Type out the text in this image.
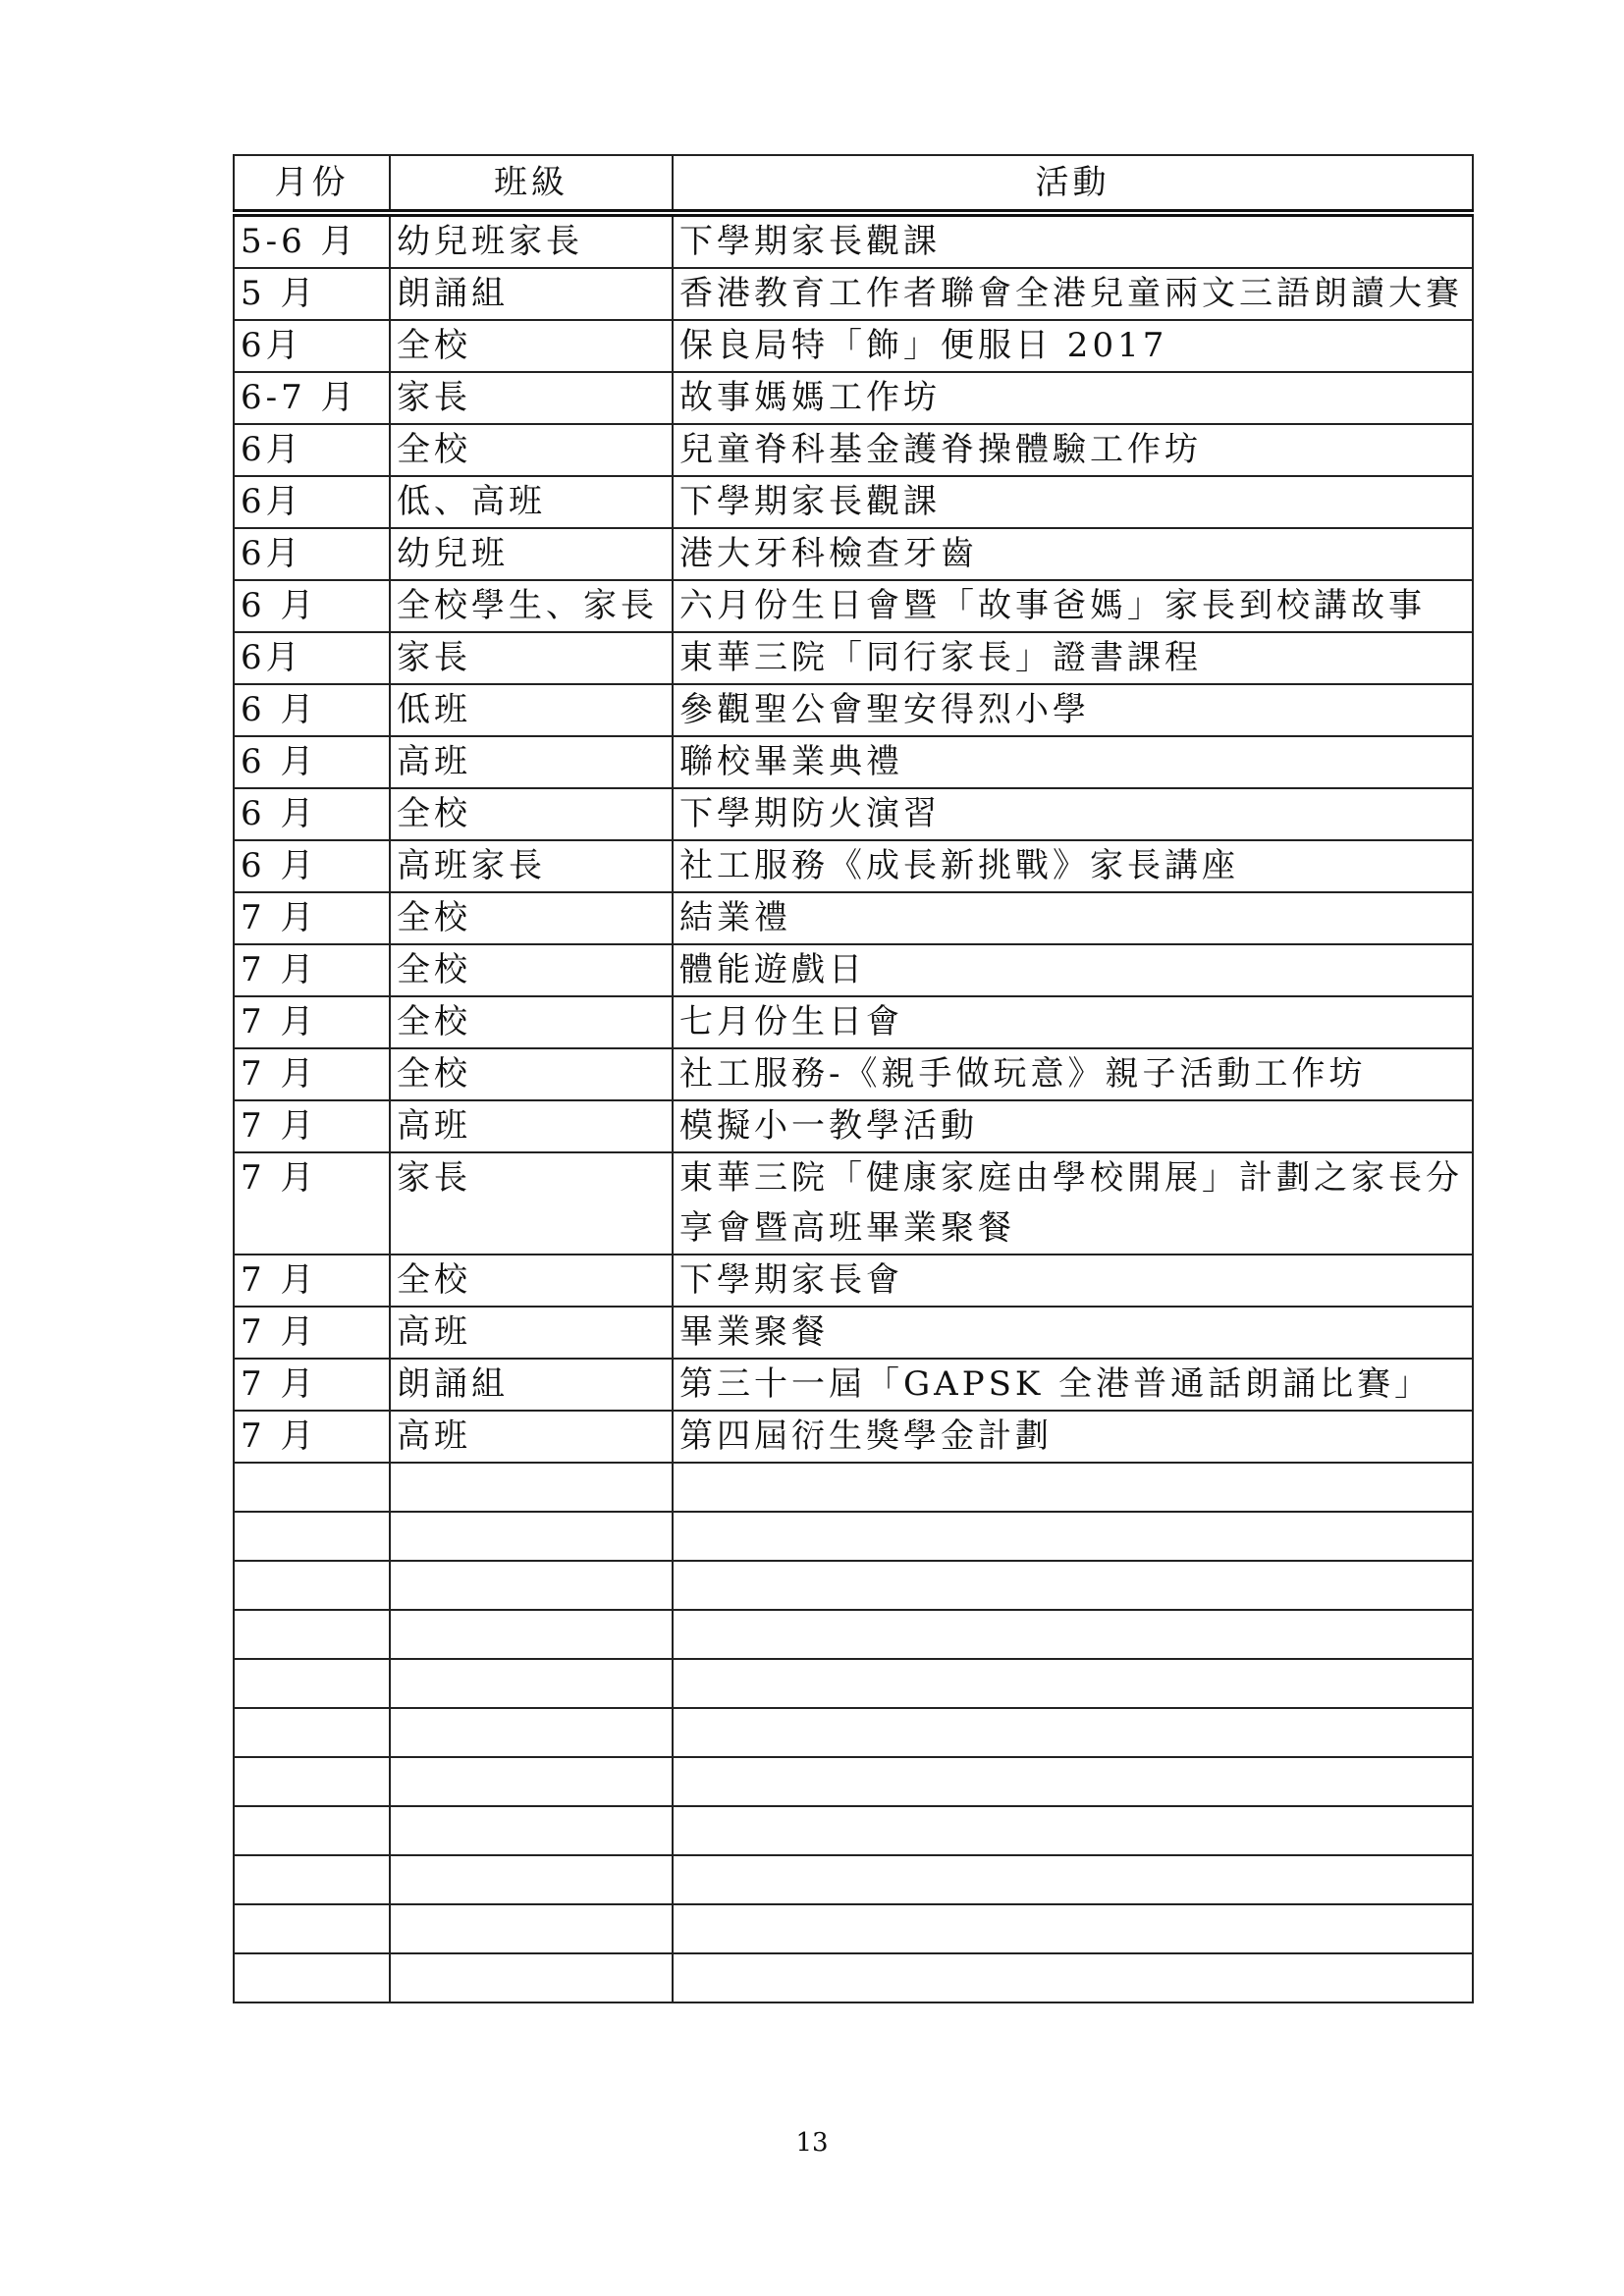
月份	班級	活動
5-6 月	幼兒班家長	下學期家長觀課
5 月	朗誦組	香港教育工作者聯會全港兒童兩文三語朗讀大賽
6月	全校	保良局特「飾」便服日 2017
6-7 月	家長	故事媽媽工作坊
6月	全校	兒童脊科基金護脊操體驗工作坊
6月	低、高班	下學期家長觀課
6月	幼兒班	港大牙科檢查牙齒
6 月	全校學生、家長	六月份生日會暨「故事爸媽」家長到校講故事
6月	家長	東華三院「同行家長」證書課程
6 月	低班	參觀聖公會聖安得烈小學
6 月	高班	聯校畢業典禮
6 月	全校	下學期防火演習
6 月	高班家長	社工服務《成長新挑戰》家長講座
7 月	全校	結業禮
7 月	全校	體能遊戲日
7 月	全校	七月份生日會
7 月	全校	社工服務-《親手做玩意》親子活動工作坊
7 月	高班	模擬小一教學活動
7 月	家長	東華三院「健康家庭由學校開展」計劃之家長分享會暨高班畢業聚餐
7 月	全校	下學期家長會
7 月	高班	畢業聚餐
7 月	朗誦組	第三十一屆「GAPSK 全港普通話朗誦比賽」
7 月	高班	第四屆衍生獎學金計劃

13
